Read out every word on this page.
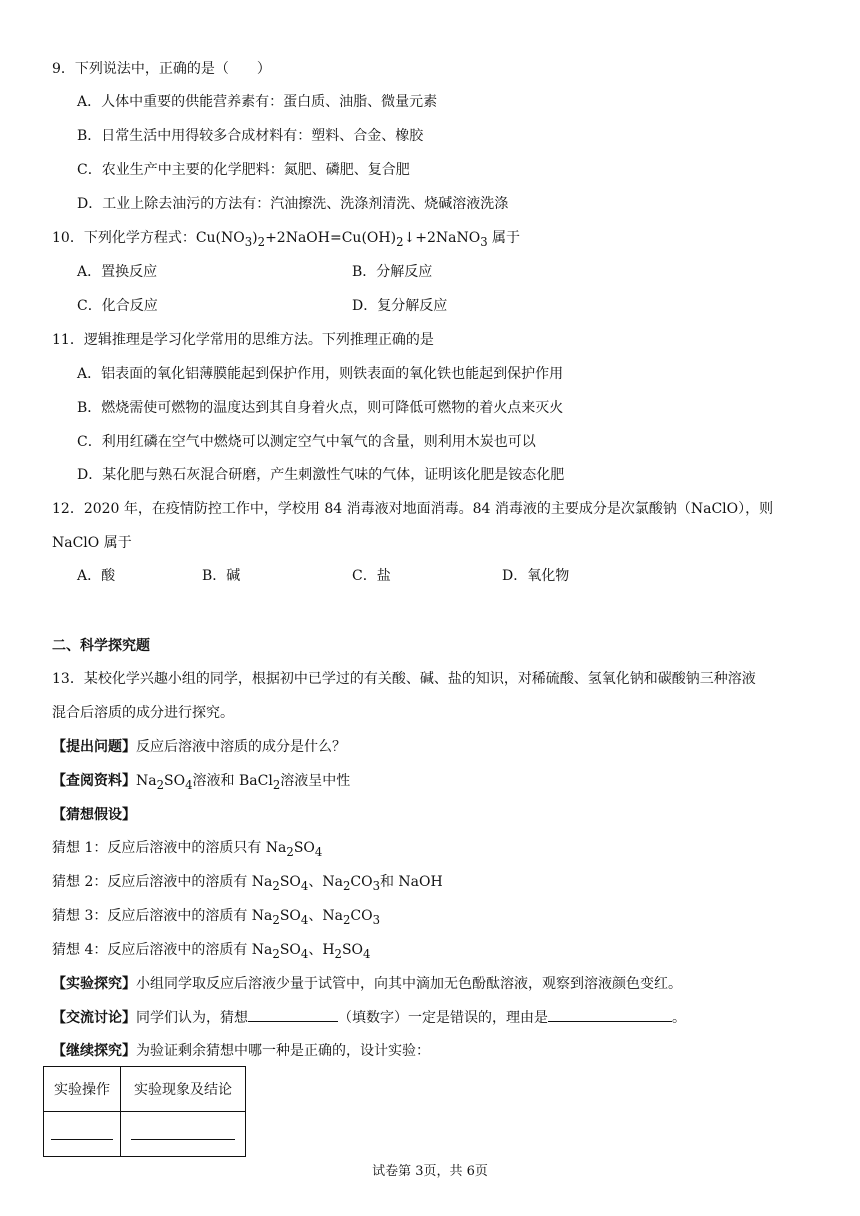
9．下列说法中，正确的是（　　）
A．人体中重要的供能营养素有：蛋白质、油脂、微量元素
B．日常生活中用得较多合成材料有：塑料、合金、橡胶
C．农业生产中主要的化学肥料：氮肥、磷肥、复合肥
D．工业上除去油污的方法有：汽油擦洗、洗涤剂清洗、烧碱溶液洗涤
10．下列化学方程式：$Cu(NO_3)_2+2NaOH=Cu(OH)_2↓+2NaNO_3$ 属于
A．置换反应	B．分解反应
C．化合反应	D．复分解反应
11．逻辑推理是学习化学常用的思维方法。下列推理正确的是
A．铝表面的氧化铝薄膜能起到保护作用，则铁表面的氧化铁也能起到保护作用
B．燃烧需使可燃物的温度达到其自身着火点，则可降低可燃物的着火点来灭火
C．利用红磷在空气中燃烧可以测定空气中氧气的含量，则利用木炭也可以
D．某化肥与熟石灰混合研磨，产生刺激性气味的气体，证明该化肥是铵态化肥
12．2020 年，在疫情防控工作中，学校用 84 消毒液对地面消毒。84 消毒液的主要成分是次氯酸钠（NaClO），则
NaClO 属于
A．酸	B．碱	C．盐	D．氧化物
二、科学探究题
13．某校化学兴趣小组的同学，根据初中已学过的有关酸、碱、盐的知识，对稀硫酸、氢氧化钠和碳酸钠三种溶液
混合后溶质的成分进行探究。
【提出问题】反应后溶液中溶质的成分是什么？
【查阅资料】$Na_2SO_4$溶液和 BaCl$_2$溶液呈中性
【猜想假设】
猜想 1：反应后溶液中的溶质只有 $Na_2SO_4$
猜想 2：反应后溶液中的溶质有 $Na_2SO_4$、$Na_2CO_3$和 NaOH
猜想 3：反应后溶液中的溶质有 $Na_2SO_4$、$Na_2CO_3$
猜想 4：反应后溶液中的溶质有 $Na_2SO_4$、$H_2SO_4$
【实验探究】小组同学取反应后溶液少量于试管中，向其中滴加无色酚酞溶液，观察到溶液颜色变红。
【交流讨论】同学们认为，猜想	（填数字）一定是错误的，理由是	。
【继续探究】为验证剩余猜想中哪一种是正确的，设计实验：
实验操作	实验现象及结论

试卷第 3页，共 6页
